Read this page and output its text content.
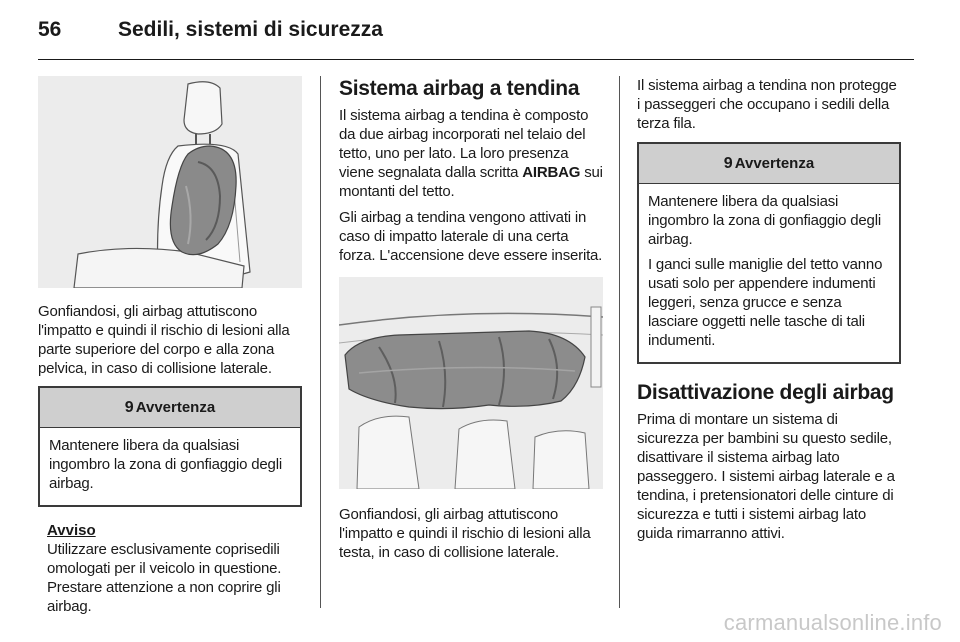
56	Sedili, sistemi di sicurezza

Gonfiandosi, gli airbag attutiscono l'impatto e quindi il rischio di lesioni alla parte superiore del corpo e alla zona pelvica, in caso di collisione laterale.

9 Avvertenza

Mantenere libera da qualsiasi ingombro la zona di gonfiaggio degli airbag.

Avviso

Utilizzare esclusivamente coprisedili omologati per il veicolo in questione. Prestare attenzione a non coprire gli airbag.

Sistema airbag a tendina

Il sistema airbag a tendina è composto da due airbag incorporati nel telaio del tetto, uno per lato. La loro presenza viene segnalata dalla scritta AIRBAG sui montanti del tetto.

Gli airbag a tendina vengono attivati in caso di impatto laterale di una certa forza. L'accensione deve essere inserita.

Gonfiandosi, gli airbag attutiscono l'impatto e quindi il rischio di lesioni alla testa, in caso di collisione laterale.

Il sistema airbag a tendina non protegge i passeggeri che occupano i sedili della terza fila.

9 Avvertenza

Mantenere libera da qualsiasi ingombro la zona di gonfiaggio degli airbag.

I ganci sulle maniglie del tetto vanno usati solo per appendere indumenti leggeri, senza grucce e senza lasciare oggetti nelle tasche di tali indumenti.

Disattivazione degli airbag

Prima di montare un sistema di sicurezza per bambini su questo sedile, disattivare il sistema airbag lato passeggero. I sistemi airbag laterale e a tendina, i pretensionatori delle cinture di sicurezza e tutti i sistemi airbag lato guida rimarranno attivi.

carmanualsonline.info
